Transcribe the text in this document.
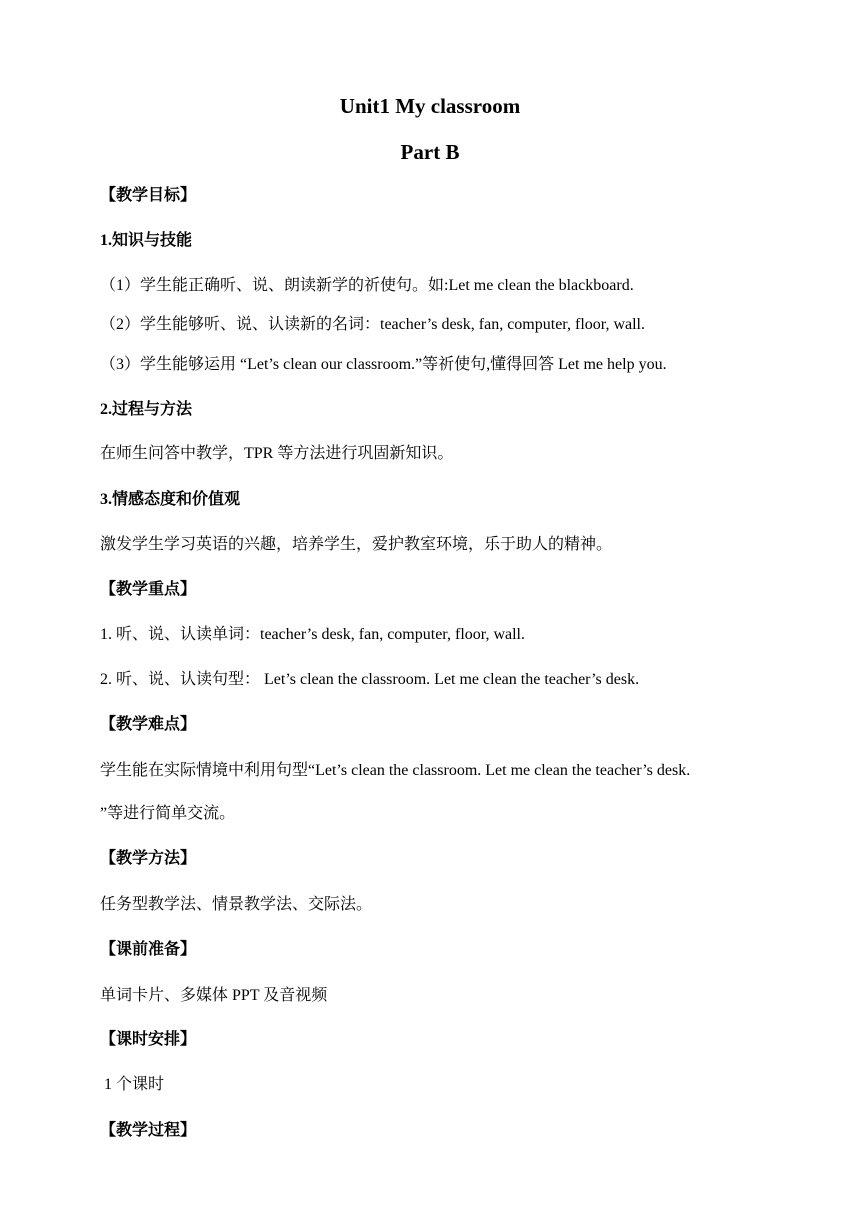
Unit1 My classroom
Part B
【教学目标】
1.知识与技能
（1）学生能正确听、说、朗读新学的祈使句。如:Let me clean the blackboard.
（2）学生能够听、说、认读新的名词：teacher’s desk, fan, computer, floor, wall.
（3）学生能够运用 “Let’s clean our classroom.”等祈使句,懂得回答 Let me help you.
2.过程与方法
在师生问答中教学，TPR 等方法进行巩固新知识。
3.情感态度和价值观
激发学生学习英语的兴趣，培养学生，爱护教室环境，乐于助人的精神。
【教学重点】
1. 听、说、认读单词：teacher’s desk, fan, computer, floor, wall.
2. 听、说、认读句型： Let’s clean the classroom. Let me clean the teacher’s desk.
【教学难点】
学生能在实际情境中利用句型“Let’s clean the classroom. Let me clean the teacher’s desk.
”等进行简单交流。
【教学方法】
任务型教学法、情景教学法、交际法。
【课前准备】
单词卡片、多媒体 PPT 及音视频
【课时安排】
1 个课时
【教学过程】
